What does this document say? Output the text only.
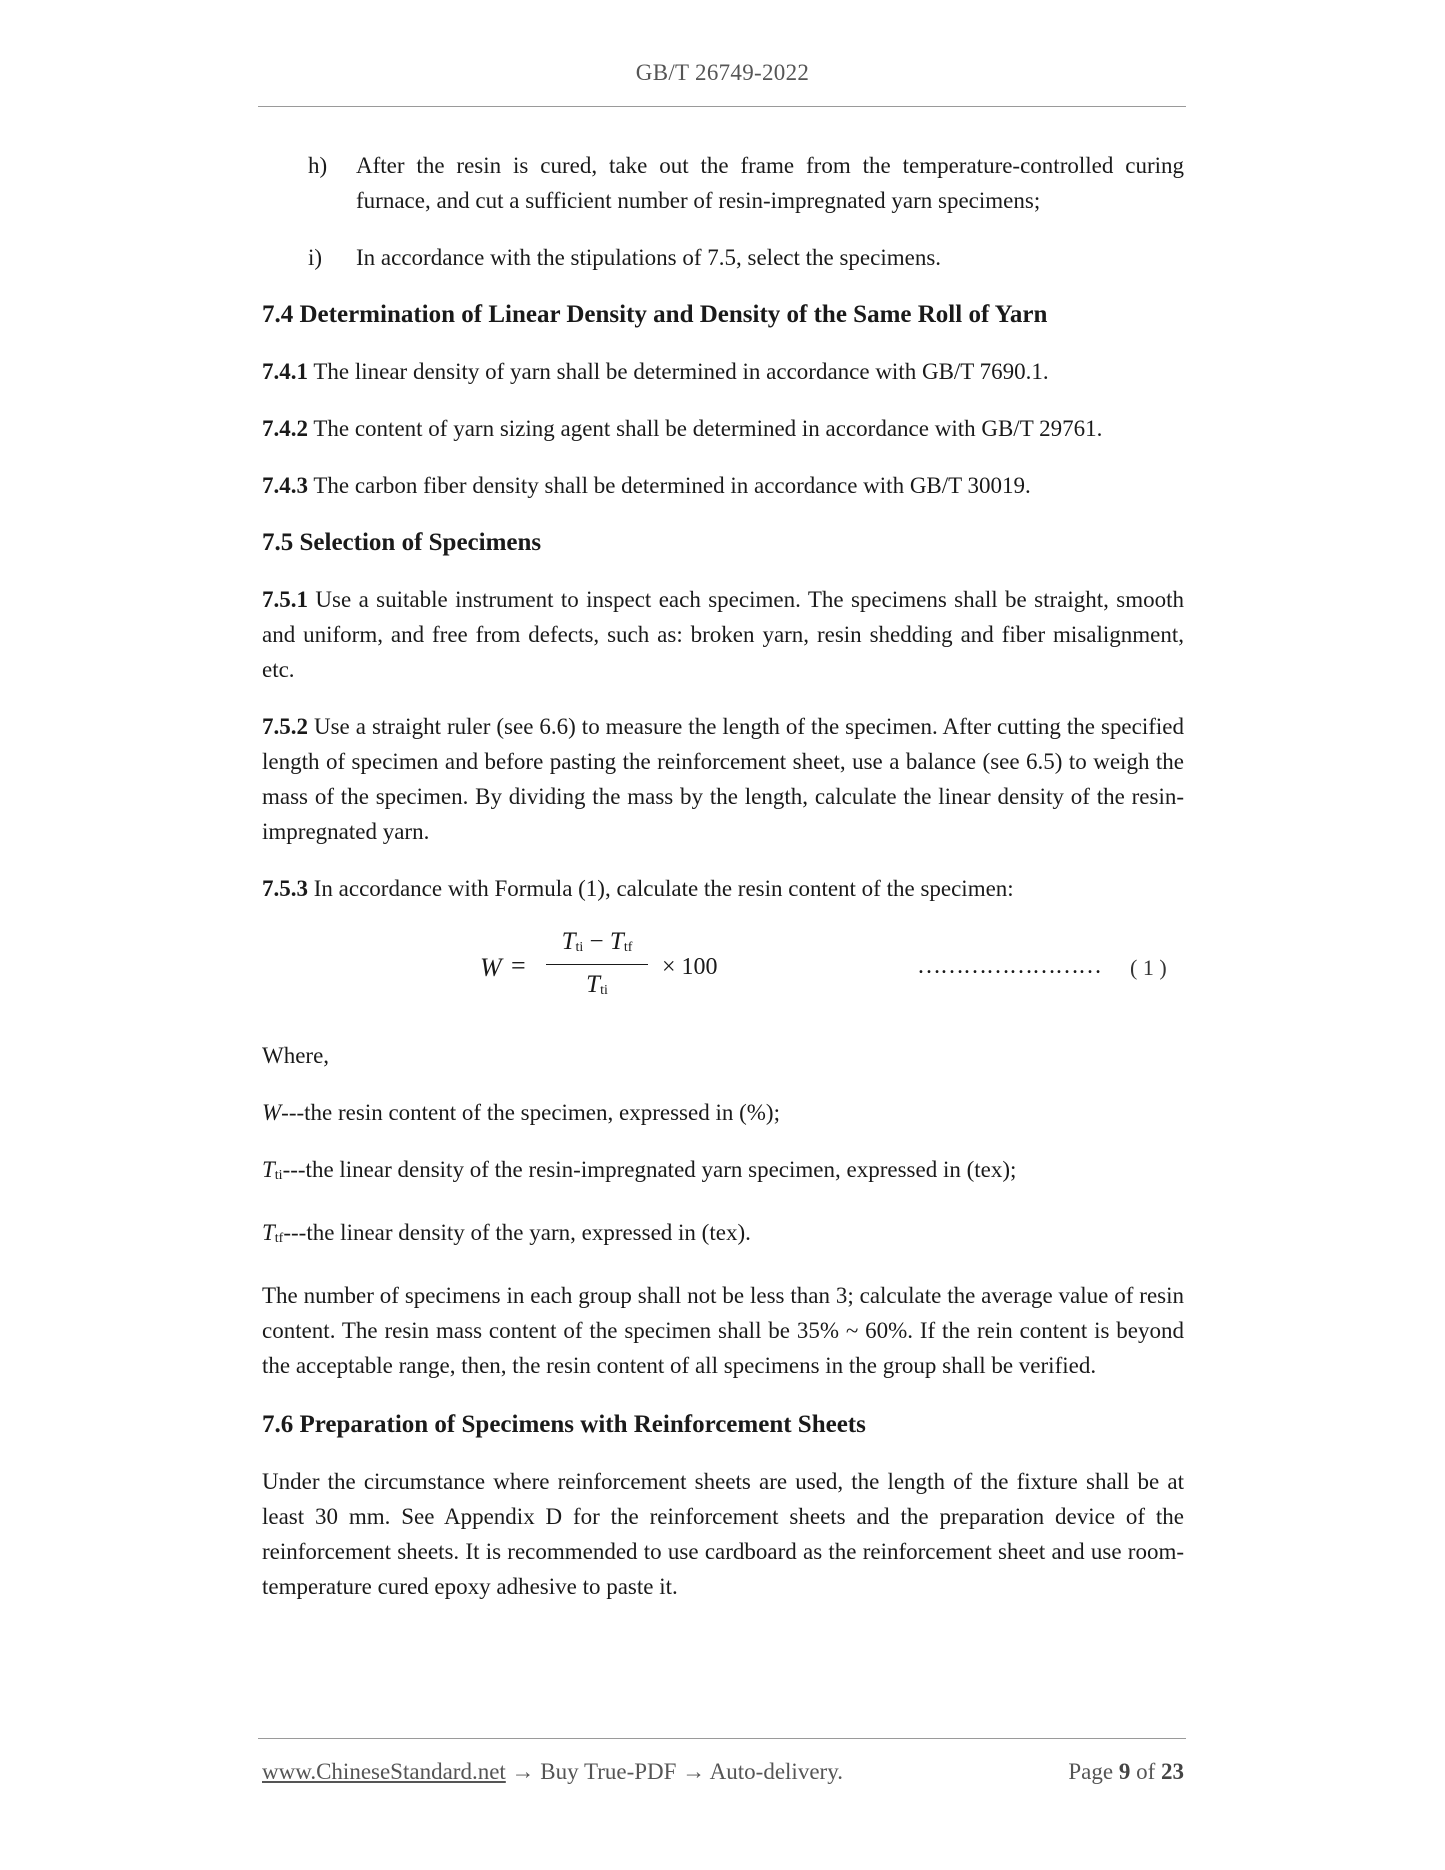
GB/T 26749-2022
h)	After the resin is cured, take out the frame from the temperature-controlled curing furnace, and cut a sufficient number of resin-impregnated yarn specimens;
i)	In accordance with the stipulations of 7.5, select the specimens.
7.4 Determination of Linear Density and Density of the Same Roll of Yarn

7.4.1 The linear density of yarn shall be determined in accordance with GB/T 7690.1.

7.4.2 The content of yarn sizing agent shall be determined in accordance with GB/T 29761.

7.4.3 The carbon fiber density shall be determined in accordance with GB/T 30019.

7.5 Selection of Specimens

7.5.1 Use a suitable instrument to inspect each specimen. The specimens shall be straight, smooth and uniform, and free from defects, such as: broken yarn, resin shedding and fiber misalignment, etc.

7.5.2 Use a straight ruler (see 6.6) to measure the length of the specimen. After cutting the specified length of specimen and before pasting the reinforcement sheet, use a balance (see 6.5) to weigh the mass of the specimen. By dividing the mass by the length, calculate the linear density of the resin-impregnated yarn.

7.5.3 In accordance with Formula (1), calculate the resin content of the specimen:

W =
Tti − Ttf
Tti
× 100	…………………… ( 1 )

Where,

W---the resin content of the specimen, expressed in (%);

Tti---the linear density of the resin-impregnated yarn specimen, expressed in (tex);

Ttf---the linear density of the yarn, expressed in (tex).

The number of specimens in each group shall not be less than 3; calculate the average value of resin content. The resin mass content of the specimen shall be 35% ~ 60%. If the rein content is beyond the acceptable range, then, the resin content of all specimens in the group shall be verified.

7.6 Preparation of Specimens with Reinforcement Sheets

Under the circumstance where reinforcement sheets are used, the length of the fixture shall be at least 30 mm. See Appendix D for the reinforcement sheets and the preparation device of the reinforcement sheets. It is recommended to use cardboard as the reinforcement sheet and use room-temperature cured epoxy adhesive to paste it.

www.ChineseStandard.net → Buy True-PDF → Auto-delivery.	Page 9 of 23
